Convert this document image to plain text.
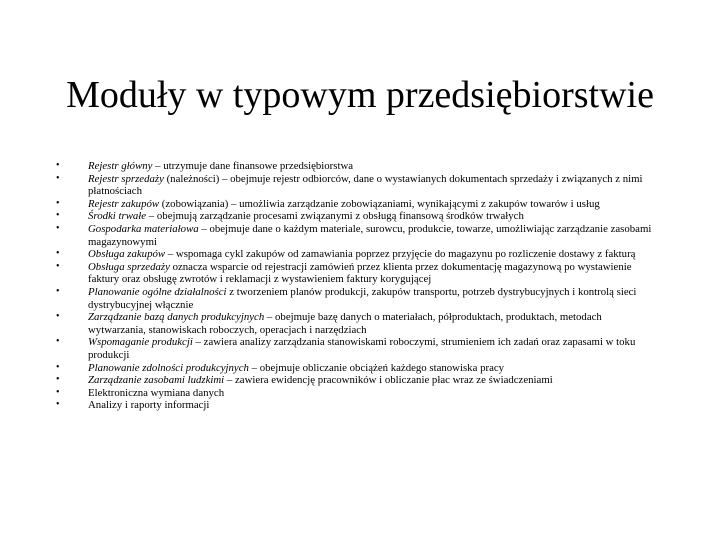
Moduły w typowym przedsiębiorstwie
•	Rejestr główny – utrzymuje dane finansowe przedsiębiorstwa
•	Rejestr sprzedaży (należności) – obejmuje rejestr odbiorców, dane o wystawianych dokumentach sprzedaży i związanych z nimi płatnościach
•	Rejestr zakupów (zobowiązania) – umożliwia zarządzanie zobowiązaniami, wynikającymi z zakupów towarów i usług
•	Środki trwałe – obejmują zarządzanie procesami związanymi z obsługą finansową środków trwałych
•	Gospodarka materiałowa – obejmuje dane o każdym materiale, surowcu, produkcie, towarze, umożliwiając zarządzanie zasobami magazynowymi
•	Obsługa zakupów – wspomaga cykl zakupów od zamawiania poprzez przyjęcie do magazynu po rozliczenie dostawy z fakturą
•	Obsługa sprzedaży oznacza wsparcie od rejestracji zamówień przez klienta przez dokumentację magazynową po wystawienie faktury oraz obsługę zwrotów i reklamacji z wystawieniem faktury korygującej
•	Planowanie ogólne działalności z tworzeniem planów produkcji, zakupów transportu, potrzeb dystrybucyjnych i kontrolą sieci dystrybucyjnej włącznie
•	Zarządzanie bazą danych produkcyjnych – obejmuje bazę danych o materiałach, półproduktach, produktach, metodach wytwarzania, stanowiskach roboczych, operacjach i narzędziach
•	Wspomaganie produkcji – zawiera analizy zarządzania stanowiskami roboczymi, strumieniem ich zadań oraz zapasami w toku produkcji
•	Planowanie zdolności produkcyjnych – obejmuje obliczanie obciążeń każdego stanowiska pracy
•	Zarządzanie zasobami ludzkimi – zawiera ewidencję pracowników i obliczanie płac wraz ze świadczeniami
•	Elektroniczna wymiana danych
•	Analizy i raporty informacji
